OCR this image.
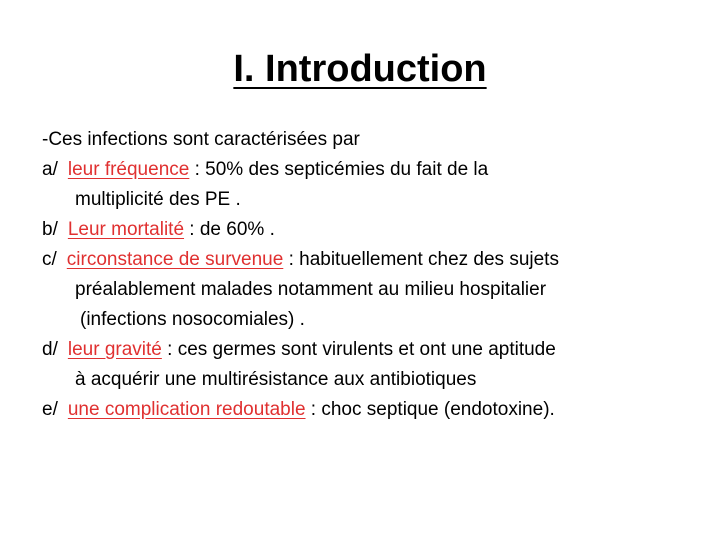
I. Introduction
-Ces infections sont caractérisées par
a/ leur fréquence : 50% des septicémies du fait de la
multiplicité des PE .
b/ Leur mortalité : de 60% .
c/ circonstance de survenue : habituellement chez des sujets
préalablement malades notamment au milieu hospitalier
(infections nosocomiales) .
d/ leur gravité : ces germes sont virulents et ont une aptitude
à acquérir une multirésistance aux antibiotiques
e/ une complication redoutable : choc septique (endotoxine).
